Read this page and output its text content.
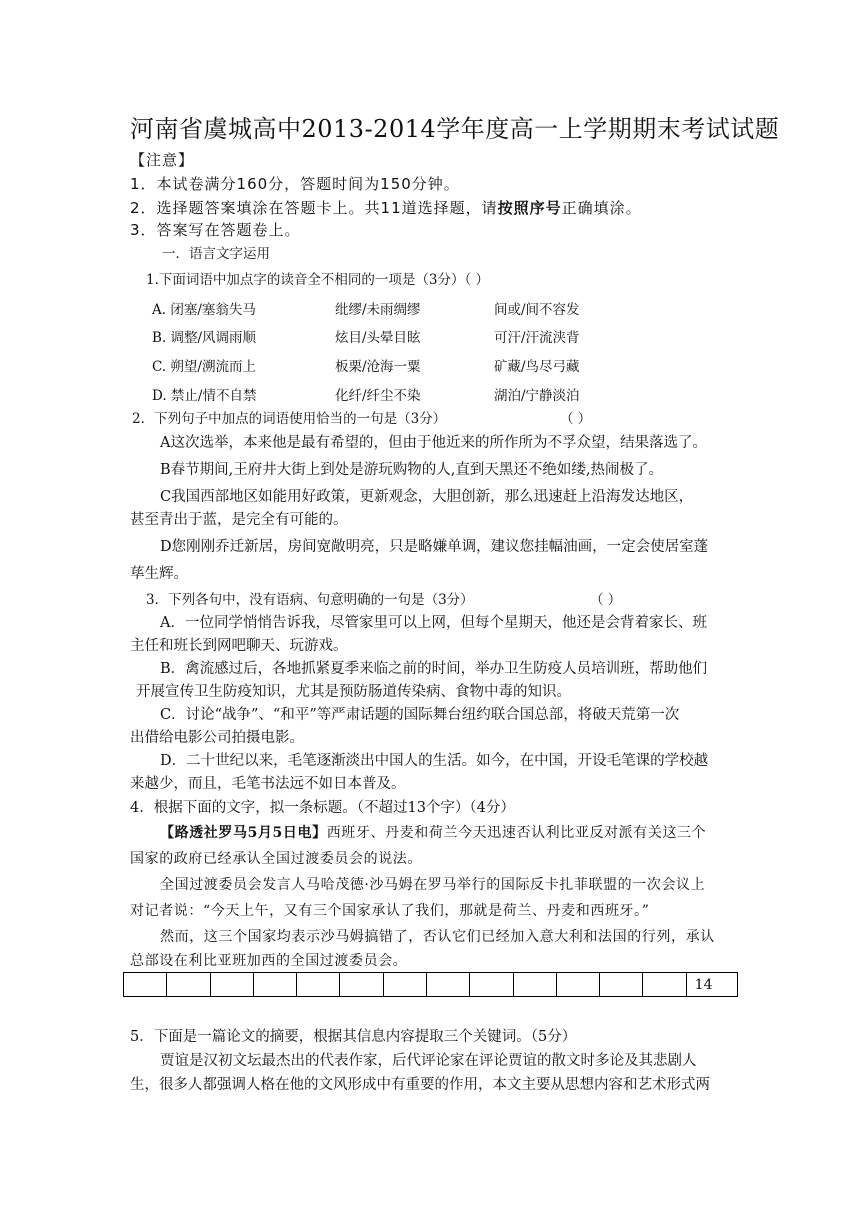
河南省虞城高中2013-2014学年度高一上学期期末考试试题
【注意】
1．本试卷满分160分，答题时间为150分钟。
2．选择题答案填涂在答题卡上。共11道选择题，请按照序号正确填涂。
3．答案写在答题卷上。
一．语言文字运用
1.下面词语中加点字的读音全不相同的一项是（3分）（ ）
A. 闭塞/塞翁失马	纰缪/未雨绸缪	间或/间不容发
B. 调整/风调雨顺	炫目/头晕目眩	可汗/汗流浃背
C. 朔望/溯流而上	板栗/沧海一粟	矿藏/鸟尽弓藏
D. 禁止/情不自禁	化纤/纤尘不染	湖泊/宁静淡泊
2．下列句子中加点的词语使用恰当的一句是（3分）	（ ）
A这次选举，本来他是最有希望的，但由于他近来的所作所为不孚众望，结果落选了。
B春节期间,王府井大街上到处是游玩购物的人,直到天黑还不绝如缕,热闹极了。
C我国西部地区如能用好政策，更新观念，大胆创新，那么迅速赶上沿海发达地区，
甚至青出于蓝，是完全有可能的。
D您刚刚乔迁新居，房间宽敞明亮，只是略嫌单调，建议您挂幅油画，一定会使居室蓬
荜生辉。
3．下列各句中，没有语病、句意明确的一句是（3分）	（ ）
A．一位同学悄悄告诉我，尽管家里可以上网，但每个星期天，他还是会背着家长、班
主任和班长到网吧聊天、玩游戏。
B．禽流感过后，各地抓紧夏季来临之前的时间，举办卫生防疫人员培训班，帮助他们
开展宣传卫生防疫知识，尤其是预防肠道传染病、食物中毒的知识。
C．讨论“战争”、“和平”等严肃话题的国际舞台纽约联合国总部，将破天荒第一次
出借给电影公司拍摄电影。
D．二十世纪以来，毛笔逐渐淡出中国人的生活。如今，在中国，开设毛笔课的学校越
来越少，而且，毛笔书法远不如日本普及。
4．根据下面的文字，拟一条标题。（不超过13个字）（4分）
【路透社罗马5月5日电】西班牙、丹麦和荷兰今天迅速否认利比亚反对派有关这三个
国家的政府已经承认全国过渡委员会的说法。
全国过渡委员会发言人马哈茂德·沙马姆在罗马举行的国际反卡扎菲联盟的一次会议上
对记者说：“今天上午，又有三个国家承认了我们，那就是荷兰、丹麦和西班牙。”
然而，这三个国家均表示沙马姆搞错了，否认它们已经加入意大利和法国的行列，承认
总部设在利比亚班加西的全国过渡委员会。
14
5．下面是一篇论文的摘要，根据其信息内容提取三个关键词。（5分）
贾谊是汉初文坛最杰出的代表作家，后代评论家在评论贾谊的散文时多论及其悲剧人
生，很多人都强调人格在他的文风形成中有重要的作用，本文主要从思想内容和艺术形式两
